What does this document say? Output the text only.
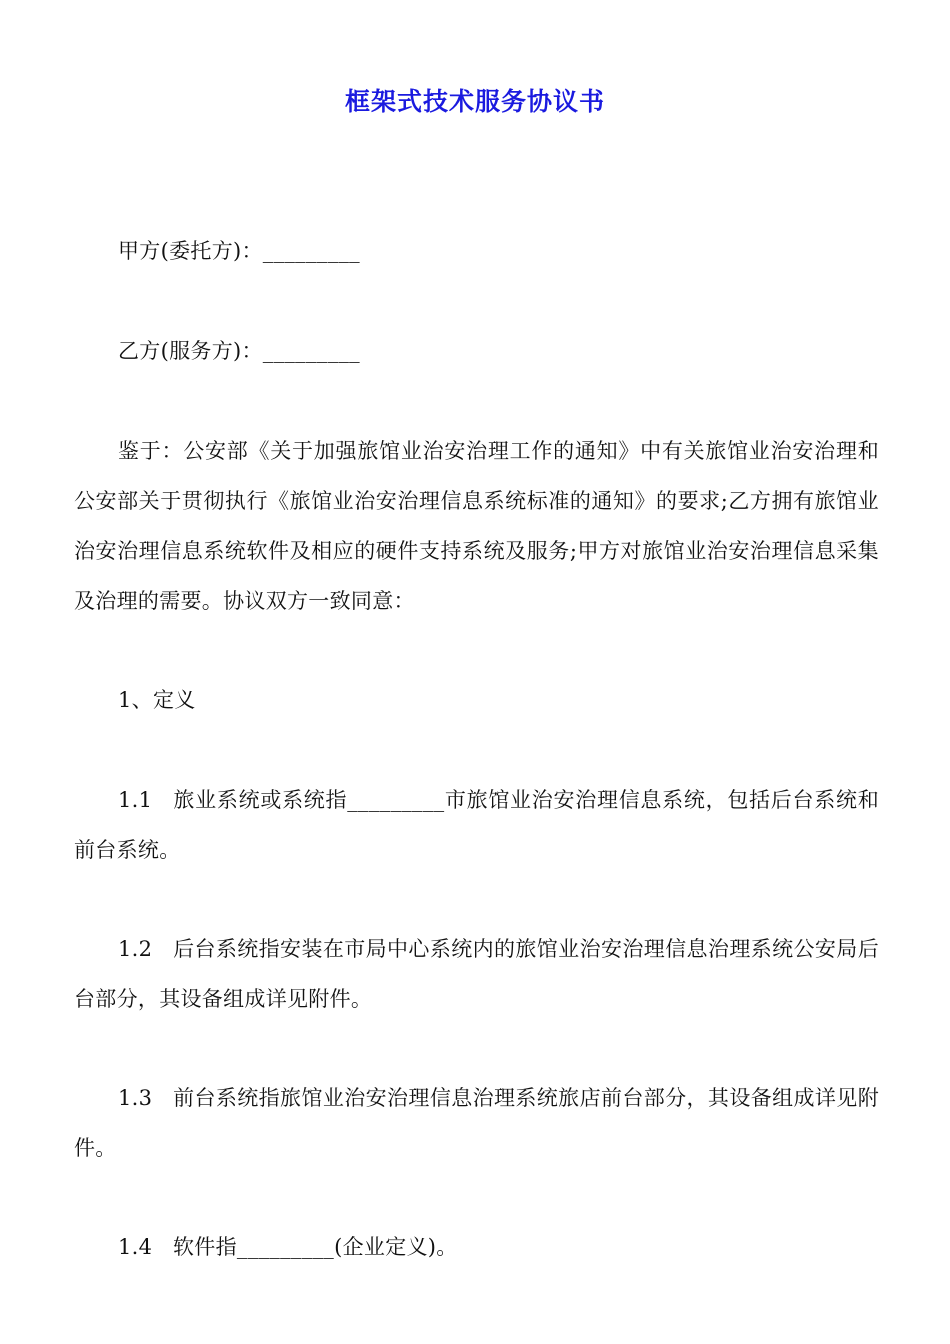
框架式技术服务协议书
甲方(委托方)：_________
乙方(服务方)：_________
鉴于：公安部《关于加强旅馆业治安治理工作的通知》中有关旅馆业治安治理和公安部关于贯彻执行《旅馆业治安治理信息系统标准的通知》的要求;乙方拥有旅馆业治安治理信息系统软件及相应的硬件支持系统及服务;甲方对旅馆业治安治理信息采集及治理的需要。协议双方一致同意：
1、定义
1.1 旅业系统或系统指_________市旅馆业治安治理信息系统，包括后台系统和前台系统。
1.2 后台系统指安装在市局中心系统内的旅馆业治安治理信息治理系统公安局后台部分，其设备组成详见附件。
1.3 前台系统指旅馆业治安治理信息治理系统旅店前台部分，其设备组成详见附件。
1.4 软件指_________(企业定义)。
